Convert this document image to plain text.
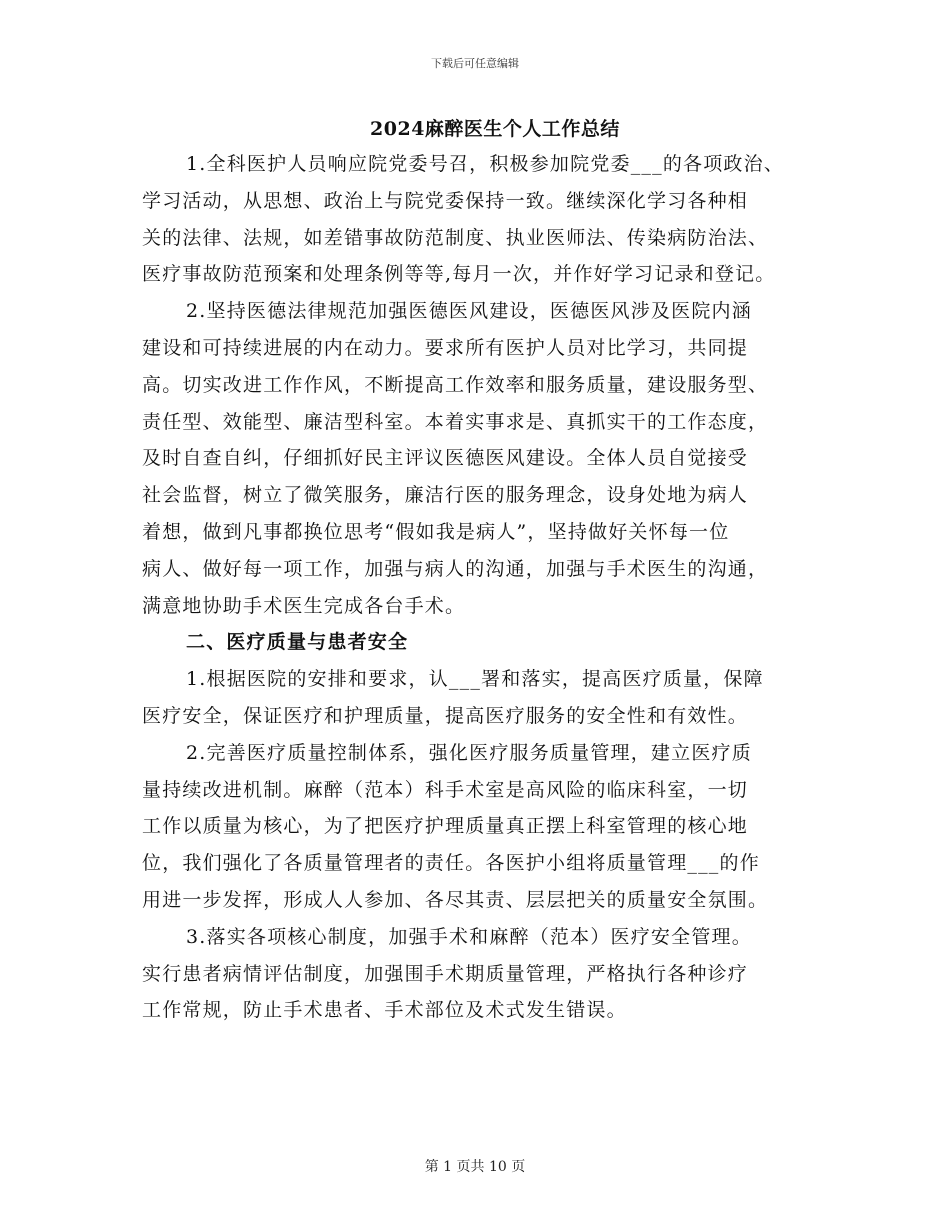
下载后可任意编辑
2024麻醉医生个人工作总结
1.全科医护人员响应院党委号召，积极参加院党委___的各项政治、
学习活动，从思想、政治上与院党委保持一致。继续深化学习各种相
关的法律、法规，如差错事故防范制度、执业医师法、传染病防治法、
医疗事故防范预案和处理条例等等,每月一次，并作好学习记录和登记。
2.坚持医德法律规范加强医德医风建设，医德医风涉及医院内涵
建设和可持续进展的内在动力。要求所有医护人员对比学习，共同提
高。切实改进工作作风，不断提高工作效率和服务质量，建设服务型、
责任型、效能型、廉洁型科室。本着实事求是、真抓实干的工作态度，
及时自查自纠，仔细抓好民主评议医德医风建设。全体人员自觉接受
社会监督，树立了微笑服务，廉洁行医的服务理念，设身处地为病人
着想，做到凡事都换位思考“假如我是病人”，坚持做好关怀每一位
病人、做好每一项工作，加强与病人的沟通，加强与手术医生的沟通，
满意地协助手术医生完成各台手术。
二、医疗质量与患者安全
1.根据医院的安排和要求，认___署和落实，提高医疗质量，保障
医疗安全，保证医疗和护理质量，提高医疗服务的安全性和有效性。
2.完善医疗质量控制体系，强化医疗服务质量管理，建立医疗质
量持续改进机制。麻醉（范本）科手术室是高风险的临床科室，一切
工作以质量为核心，为了把医疗护理质量真正摆上科室管理的核心地
位，我们强化了各质量管理者的责任。各医护小组将质量管理___的作
用进一步发挥，形成人人参加、各尽其责、层层把关的质量安全氛围。
3.落实各项核心制度，加强手术和麻醉（范本）医疗安全管理。
实行患者病情评估制度，加强围手术期质量管理，严格执行各种诊疗
工作常规，防止手术患者、手术部位及术式发生错误。
第 1 页共 10 页
